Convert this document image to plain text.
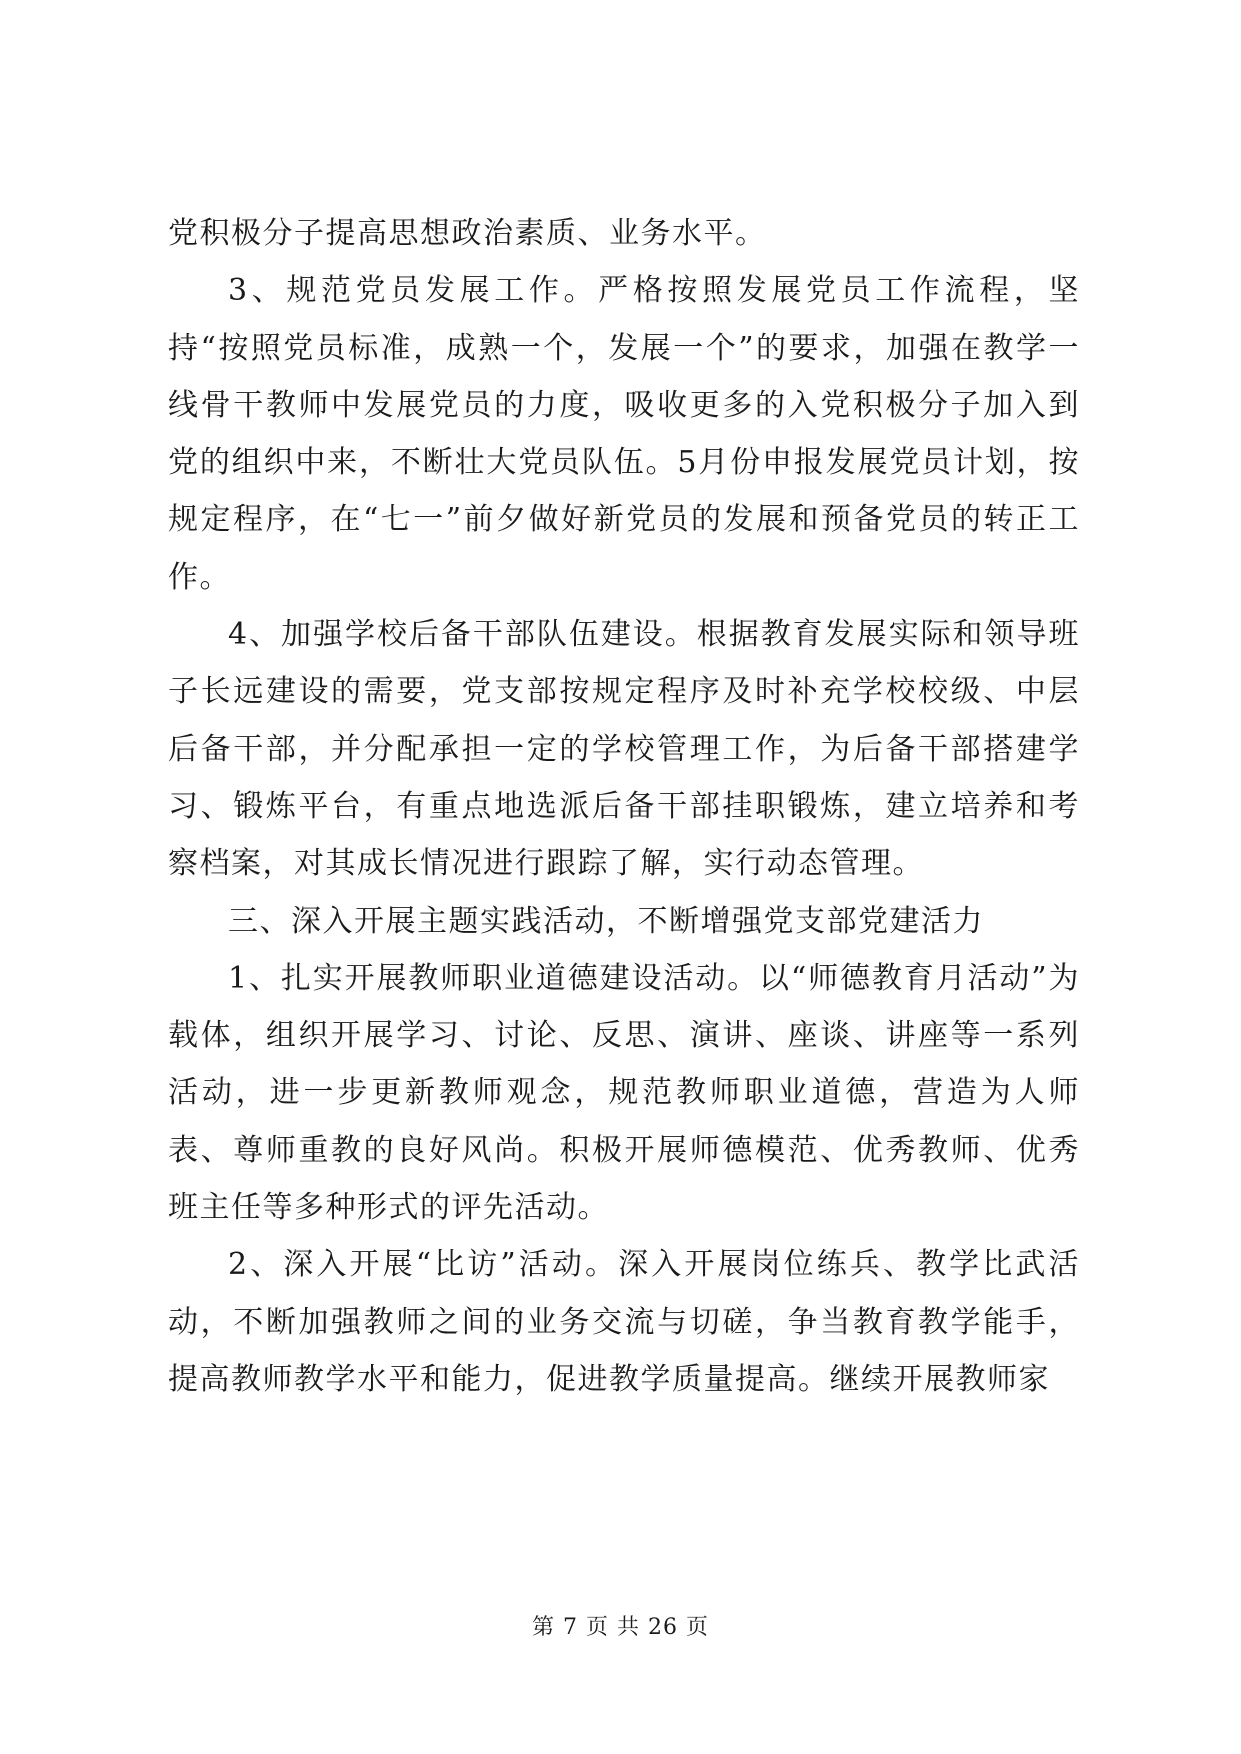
党积极分子提高思想政治素质、业务水平。

3、规范党员发展工作。严格按照发展党员工作流程，坚持“按照党员标准，成熟一个，发展一个”的要求，加强在教学一线骨干教师中发展党员的力度，吸收更多的入党积极分子加入到党的组织中来，不断壮大党员队伍。5月份申报发展党员计划，按规定程序，在“七一”前夕做好新党员的发展和预备党员的转正工作。

4、加强学校后备干部队伍建设。根据教育发展实际和领导班子长远建设的需要，党支部按规定程序及时补充学校校级、中层后备干部，并分配承担一定的学校管理工作，为后备干部搭建学习、锻炼平台，有重点地选派后备干部挂职锻炼，建立培养和考察档案，对其成长情况进行跟踪了解，实行动态管理。

三、深入开展主题实践活动，不断增强党支部党建活力

1、扎实开展教师职业道德建设活动。以“师德教育月活动”为载体，组织开展学习、讨论、反思、演讲、座谈、讲座等一系列活动，进一步更新教师观念，规范教师职业道德，营造为人师表、尊师重教的良好风尚。积极开展师德模范、优秀教师、优秀班主任等多种形式的评先活动。

2、深入开展“比访”活动。深入开展岗位练兵、教学比武活动，不断加强教师之间的业务交流与切磋，争当教育教学能手，提高教师教学水平和能力，促进教学质量提高。继续开展教师家

第 7 页 共 26 页
